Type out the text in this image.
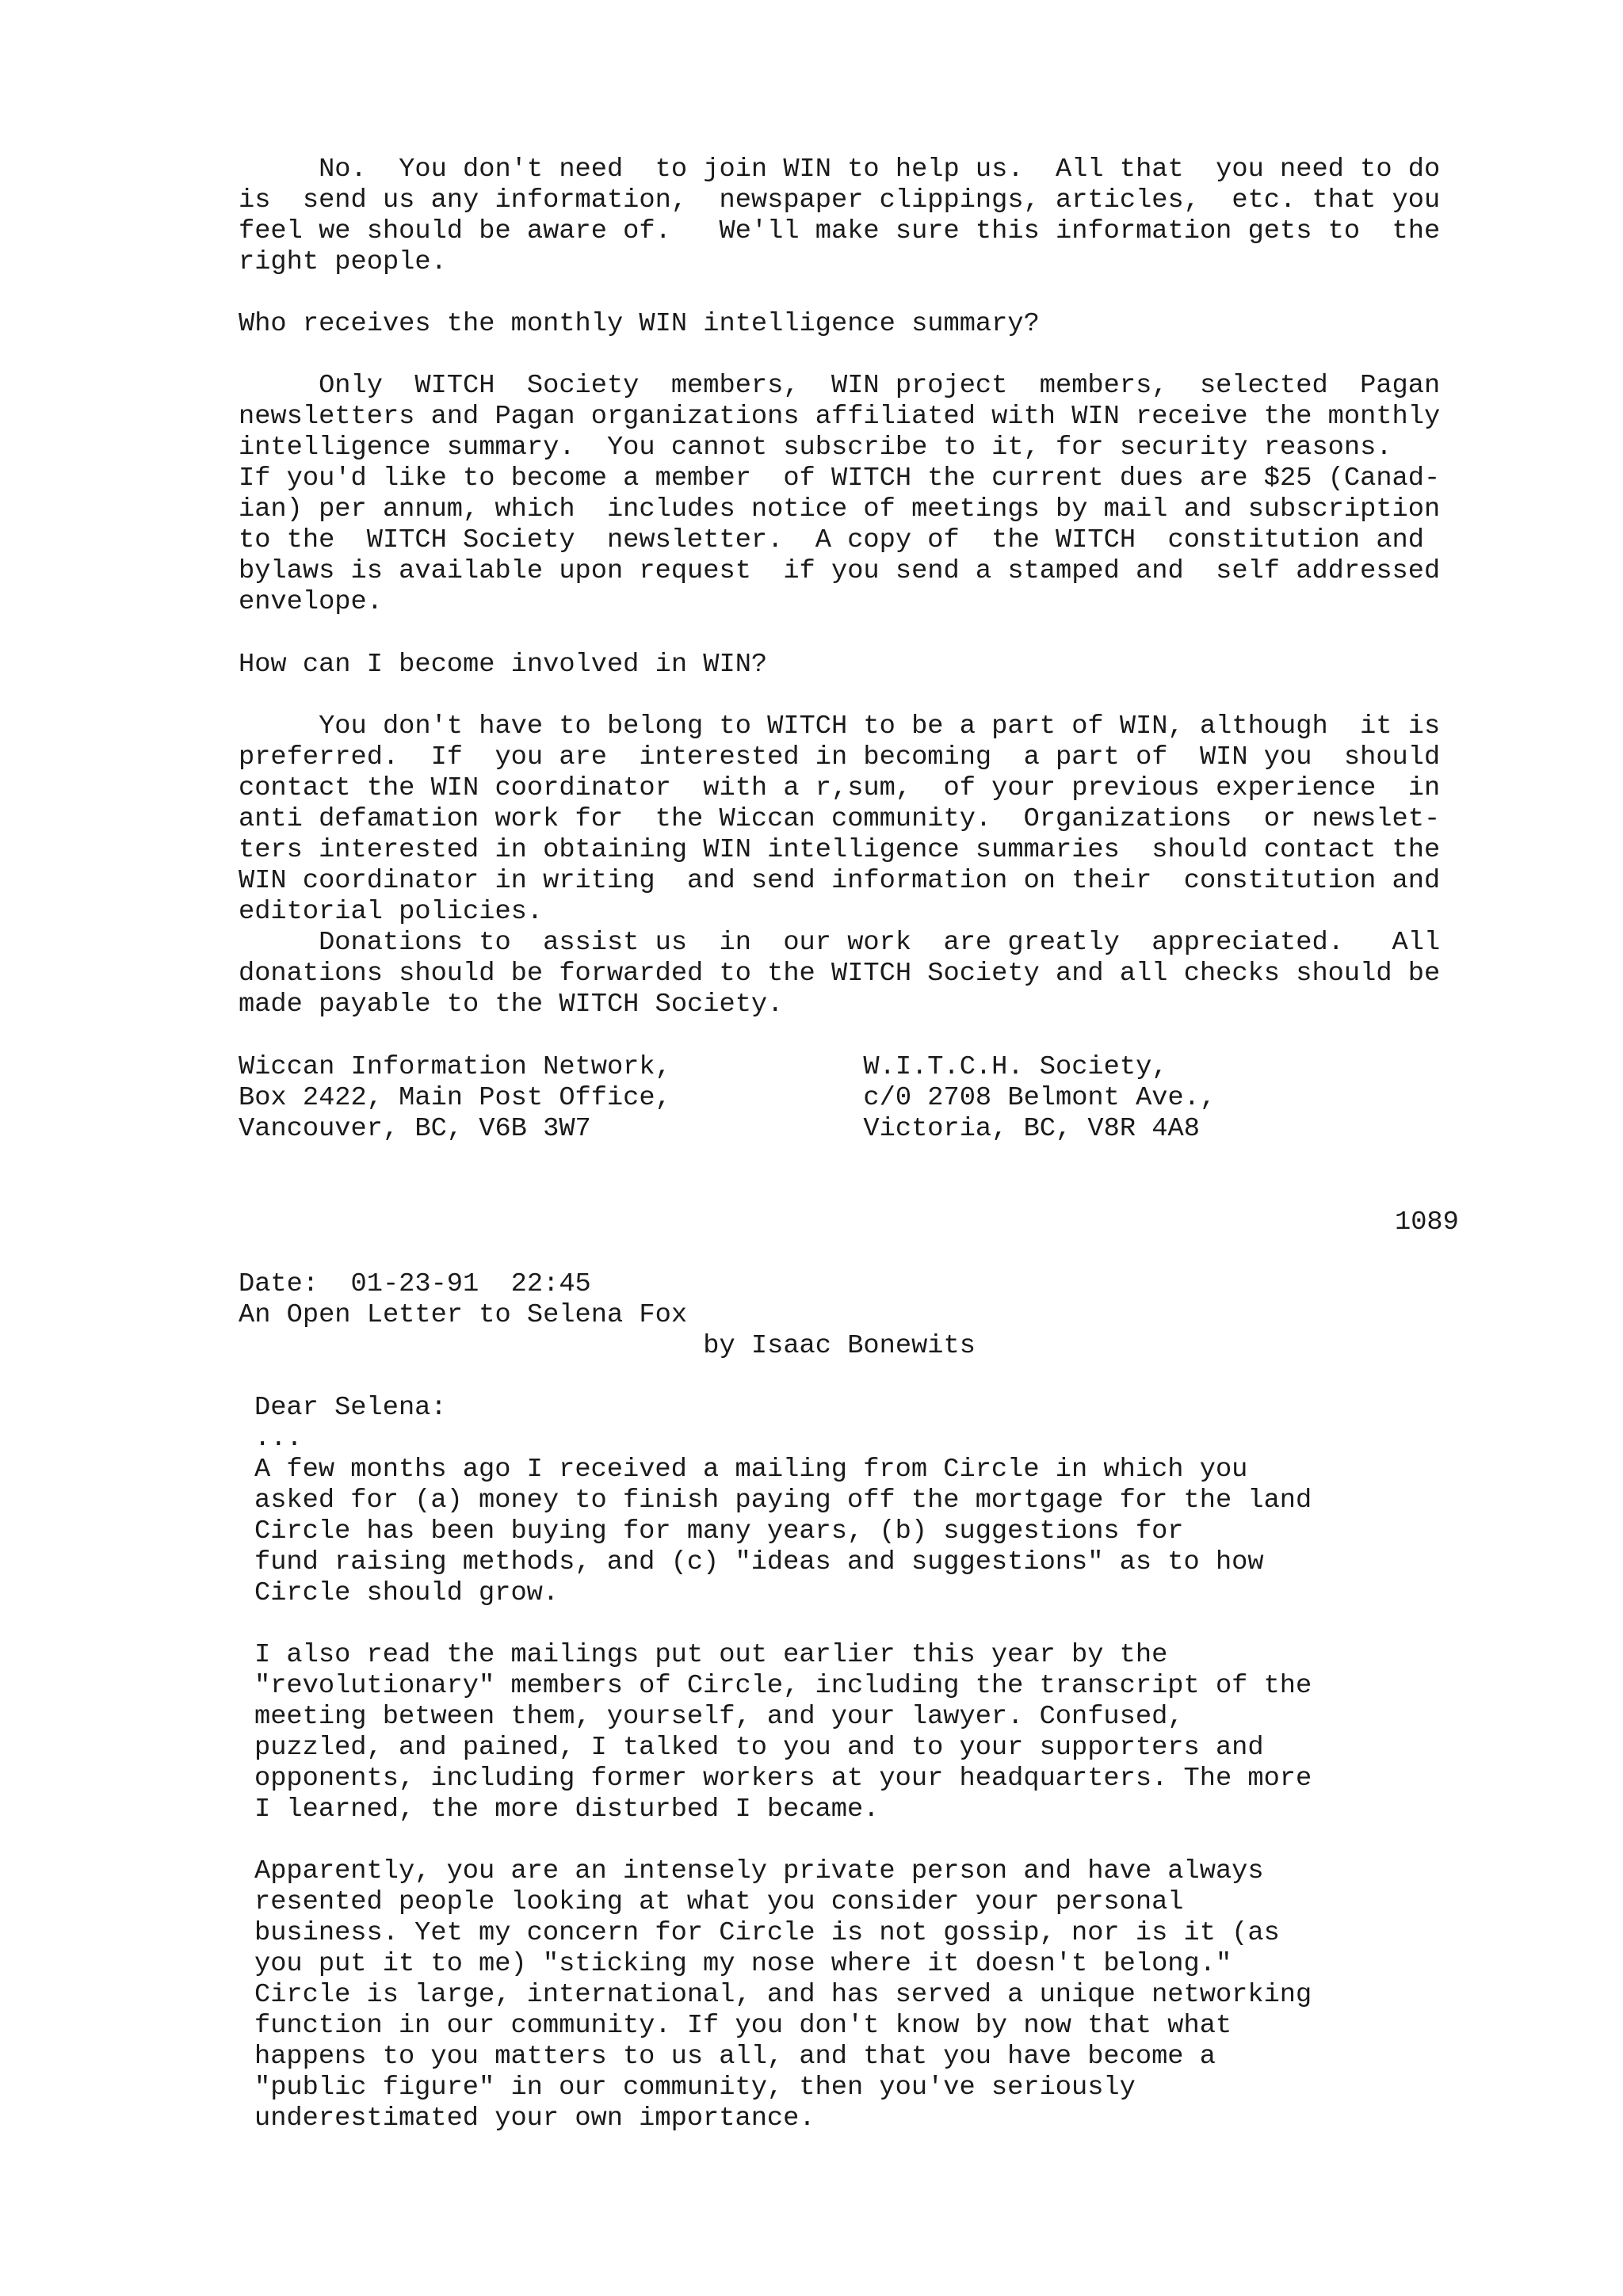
No.  You don't need  to join WIN to help us.  All that  you need to do
is  send us any information,  newspaper clippings, articles,  etc. that you
feel we should be aware of.   We'll make sure this information gets to  the
right people.
Who receives the monthly WIN intelligence summary?
Only  WITCH  Society  members,  WIN project  members,  selected  Pagan
newsletters and Pagan organizations affiliated with WIN receive the monthly
intelligence summary.  You cannot subscribe to it, for security reasons.
If you'd like to become a member  of WITCH the current dues are $25 (Canad-
ian) per annum, which  includes notice of meetings by mail and subscription
to the  WITCH Society  newsletter.  A copy of  the WITCH  constitution and
bylaws is available upon request  if you send a stamped and  self addressed
envelope.
How can I become involved in WIN?
You don't have to belong to WITCH to be a part of WIN, although  it is
preferred.  If  you are  interested in becoming  a part of  WIN you  should
contact the WIN coordinator  with a r,sum,  of your previous experience  in
anti defamation work for  the Wiccan community.  Organizations  or newslet-
ters interested in obtaining WIN intelligence summaries  should contact the
WIN coordinator in writing  and send information on their  constitution and
editorial policies.
Donations to  assist us  in  our work  are greatly  appreciated.   All
donations should be forwarded to the WITCH Society and all checks should be
made payable to the WITCH Society.
Wiccan Information Network,            W.I.T.C.H. Society,
Box 2422, Main Post Office,            c/0 2708 Belmont Ave.,
Vancouver, BC, V6B 3W7                 Victoria, BC, V8R 4A8
1089
Date:  01-23-91  22:45
An Open Letter to Selena Fox
by Isaac Bonewits
Dear Selena:
...
A few months ago I received a mailing from Circle in which you
asked for (a) money to finish paying off the mortgage for the land
Circle has been buying for many years, (b) suggestions for
fund raising methods, and (c) "ideas and suggestions" as to how
Circle should grow.
I also read the mailings put out earlier this year by the
"revolutionary" members of Circle, including the transcript of the
meeting between them, yourself, and your lawyer. Confused,
puzzled, and pained, I talked to you and to your supporters and
opponents, including former workers at your headquarters. The more
I learned, the more disturbed I became.
Apparently, you are an intensely private person and have always
resented people looking at what you consider your personal
business. Yet my concern for Circle is not gossip, nor is it (as
you put it to me) "sticking my nose where it doesn't belong."
Circle is large, international, and has served a unique networking
function in our community. If you don't know by now that what
happens to you matters to us all, and that you have become a
"public figure" in our community, then you've seriously
underestimated your own importance.
